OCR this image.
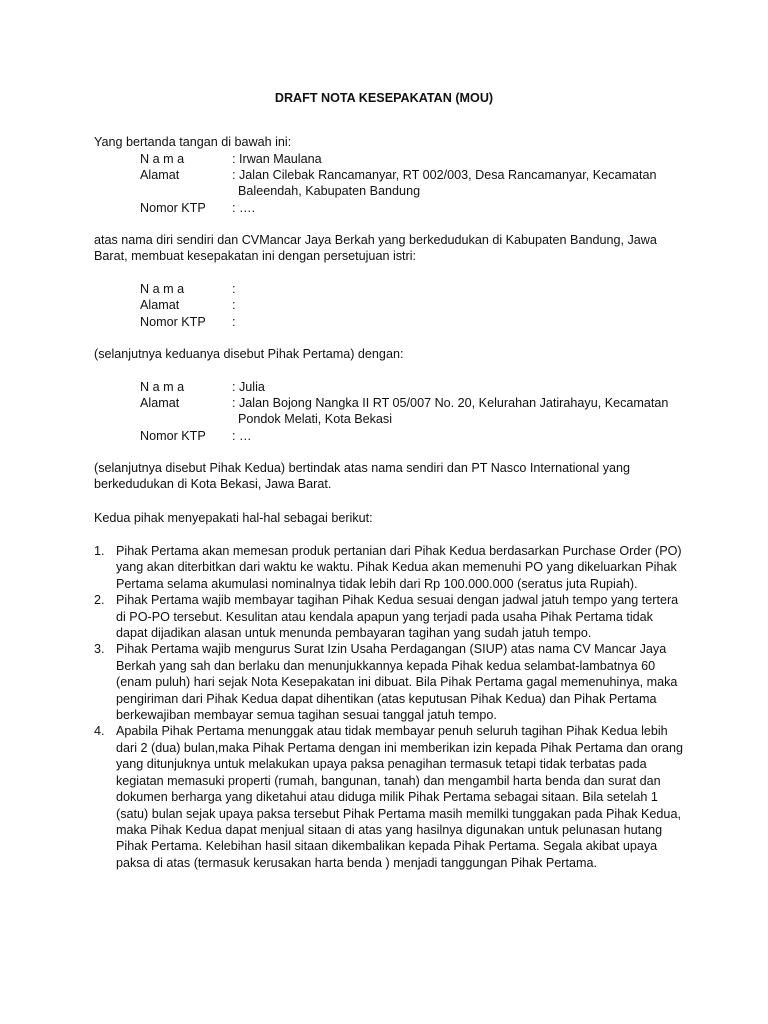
DRAFT NOTA KESEPAKATAN (MOU)
Yang bertanda tangan di bawah ini:
N a m a	: Irwan Maulana
Alamat	: Jalan Cilebak Rancamanyar, RT 002/003, Desa Rancamanyar, Kecamatan
Baleendah, Kabupaten Bandung
Nomor KTP : ….
atas nama diri sendiri dan CVMancar Jaya Berkah yang berkedudukan di Kabupaten Bandung, Jawa Barat, membuat kesepakatan ini dengan persetujuan istri:
N a m a	:
Alamat	:
Nomor KTP :
(selanjutnya keduanya disebut Pihak Pertama) dengan:
N a m a	: Julia
Alamat	: Jalan Bojong Nangka II RT 05/007 No. 20, Kelurahan Jatirahayu, Kecamatan
Pondok Melati, Kota Bekasi
Nomor KTP : …
(selanjutnya disebut Pihak Kedua) bertindak atas nama sendiri dan PT Nasco International yang berkedudukan di Kota Bekasi, Jawa Barat.
Kedua pihak menyepakati hal-hal sebagai berikut:
1. Pihak Pertama akan memesan produk pertanian dari Pihak Kedua berdasarkan Purchase Order (PO) yang akan diterbitkan dari waktu ke waktu. Pihak Kedua akan memenuhi PO yang dikeluarkan Pihak Pertama selama akumulasi nominalnya tidak lebih dari Rp 100.000.000 (seratus juta Rupiah).
2. Pihak Pertama wajib membayar tagihan Pihak Kedua sesuai dengan jadwal jatuh tempo yang tertera di PO-PO tersebut. Kesulitan atau kendala apapun yang terjadi pada usaha Pihak Pertama tidak dapat dijadikan alasan untuk menunda pembayaran tagihan yang sudah jatuh tempo.
3. Pihak Pertama wajib mengurus Surat Izin Usaha Perdagangan (SIUP) atas nama CV Mancar Jaya Berkah yang sah dan berlaku dan menunjukkannya kepada Pihak kedua selambat-lambatnya 60 (enam puluh) hari sejak Nota Kesepakatan ini dibuat. Bila Pihak Pertama gagal memenuhinya, maka pengiriman dari Pihak Kedua dapat dihentikan (atas keputusan Pihak Kedua) dan Pihak Pertama berkewajiban membayar semua tagihan sesuai tanggal jatuh tempo.
4. Apabila Pihak Pertama menunggak atau tidak membayar penuh seluruh tagihan Pihak Kedua lebih dari 2 (dua) bulan,maka Pihak Pertama dengan ini memberikan izin kepada Pihak Pertama dan orang yang ditunjuknya untuk melakukan upaya paksa penagihan termasuk tetapi tidak terbatas pada kegiatan memasuki properti (rumah, bangunan, tanah) dan mengambil harta benda dan surat dan dokumen berharga yang diketahui atau diduga milik Pihak Pertama sebagai sitaan. Bila setelah 1 (satu) bulan sejak upaya paksa tersebut Pihak Pertama masih memilki tunggakan pada Pihak Kedua, maka Pihak Kedua dapat menjual sitaan di atas yang hasilnya digunakan untuk pelunasan hutang Pihak Pertama. Kelebihan hasil sitaan dikembalikan kepada Pihak Pertama. Segala akibat upaya paksa di atas (termasuk kerusakan harta benda ) menjadi tanggungan Pihak Pertama.
